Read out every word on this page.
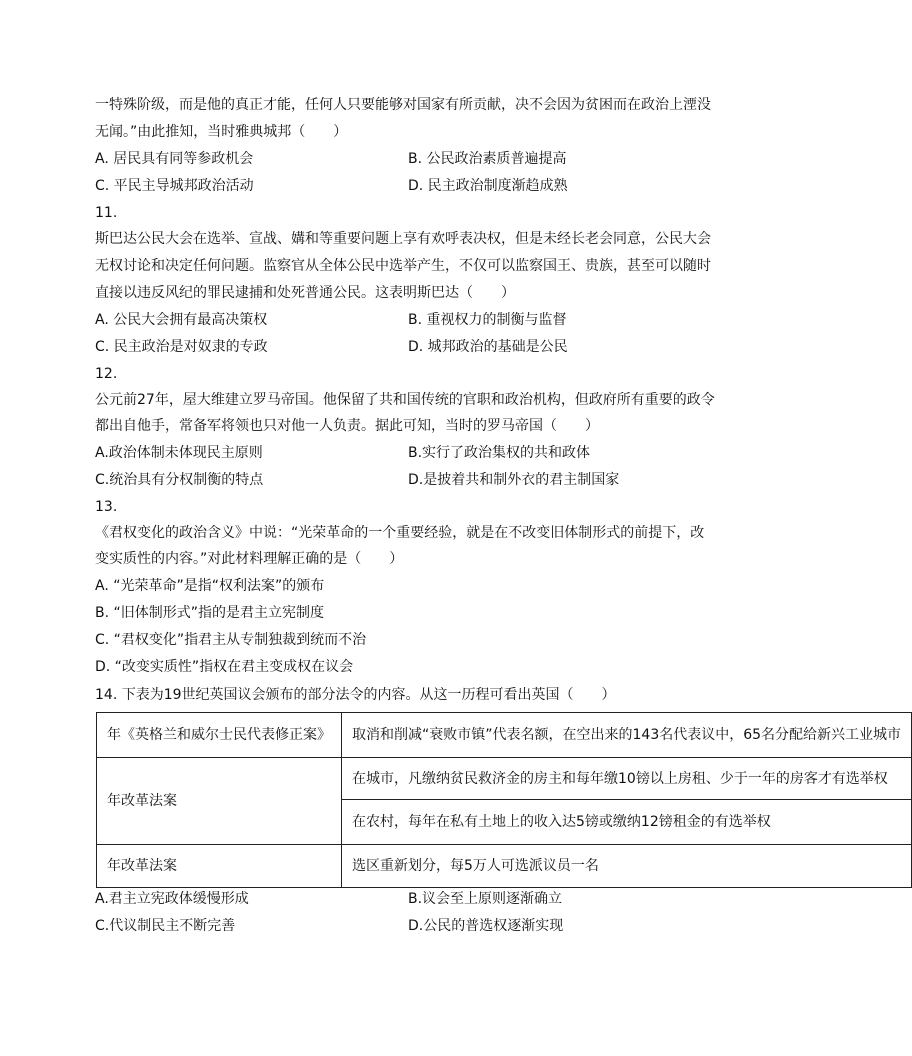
一特殊阶级，而是他的真正才能，任何人只要能够对国家有所贡献，决不会因为贫困而在政治上湮没
无闻。”由此推知，当时雅典城邦（　　）
A. 居民具有同等参政机会	B. 公民政治素质普遍提高
C. 平民主导城邦政治活动	D. 民主政治制度渐趋成熟
11.
斯巴达公民大会在选举、宣战、媾和等重要问题上享有欢呼表决权，但是未经长老会同意，公民大会
无权讨论和决定任何问题。监察官从全体公民中选举产生，不仅可以监察国王、贵族，甚至可以随时
直接以违反风纪的罪民逮捕和处死普通公民。这表明斯巴达（　　）
A. 公民大会拥有最高决策权	B. 重视权力的制衡与监督
C. 民主政治是对奴隶的专政	D. 城邦政治的基础是公民
12.
公元前27年，屋大维建立罗马帝国。他保留了共和国传统的官职和政治机构，但政府所有重要的政令
都出自他手，常备军将领也只对他一人负责。据此可知，当时的罗马帝国（　　）
A.政治体制未体现民主原则	B.实行了政治集权的共和政体
C.统治具有分权制衡的特点	D.是披着共和制外衣的君主制国家
13.
《君权变化的政治含义》中说：“光荣革命的一个重要经验，就是在不改变旧体制形式的前提下，改
变实质性的内容。”对此材料理解正确的是（　　）
A. “光荣革命”是指“权利法案”的颁布
B. “旧体制形式”指的是君主立宪制度
C. “君权变化”指君主从专制独裁到统而不治
D. “改变实质性”指权在君主变成权在议会
14. 下表为19世纪英国议会颁布的部分法令的内容。从这一历程可看出英国（　　）
年《英格兰和威尔士民代表修正案》	取消和削减“衰败市镇”代表名额，在空出来的143名代表议中，65名分配给新兴工业城市
年改革法案	在城市，凡缴纳贫民救济金的房主和每年缴10镑以上房租、少于一年的房客才有选举权
	在农村，每年在私有土地上的收入达5镑或缴纳12镑租金的有选举权
年改革法案	选区重新划分，每5万人可选派议员一名
A.君主立宪政体缓慢形成	B.议会至上原则逐渐确立
C.代议制民主不断完善	D.公民的普选权逐渐实现
